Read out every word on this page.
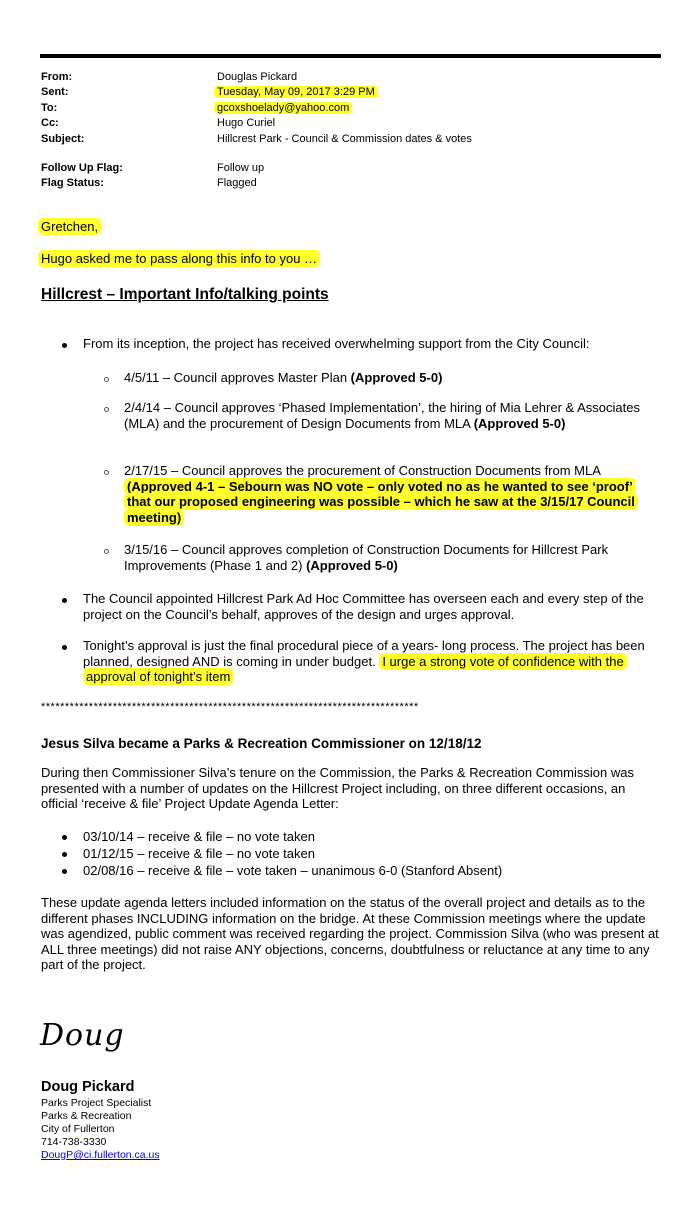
From:	Douglas Pickard
Sent:	Tuesday, May 09, 2017 3:29 PM
To:	gcoxshoelady@yahoo.com
Cc:	Hugo Curiel
Subject:	Hillcrest Park - Council & Commission dates & votes
Follow Up Flag:	Follow up
Flag Status:	Flagged
Gretchen,
Hugo asked me to pass along this info to you …
Hillcrest – Important Info/talking points
From its inception, the project has received overwhelming support from the City Council:
4/5/11 – Council approves Master Plan (Approved 5-0)
2/4/14 – Council approves ‘Phased Implementation’, the hiring of Mia Lehrer & Associates (MLA) and the procurement of Design Documents from MLA (Approved 5-0)
2/17/15 – Council approves the procurement of Construction Documents from MLA
(Approved 4-1 – Sebourn was NO vote – only voted no as he wanted to see ‘proof’ that our proposed engineering was possible – which he saw at the 3/15/17 Council meeting)
3/15/16 – Council approves completion of Construction Documents for Hillcrest Park Improvements (Phase 1 and 2) (Approved 5-0)
The Council appointed Hillcrest Park Ad Hoc Committee has overseen each and every step of the project on the Council’s behalf, approves of the design and urges approval.
Tonight’s approval is just the final procedural piece of a years- long process. The project has been planned, designed AND is coming in under budget. I urge a strong vote of confidence with the approval of tonight’s item
*******************************************************************************
Jesus Silva became a Parks & Recreation Commissioner on 12/18/12
During then Commissioner Silva’s tenure on the Commission, the Parks & Recreation Commission was presented with a number of updates on the Hillcrest Project including, on three different occasions, an official ‘receive & file’ Project Update Agenda Letter:
03/10/14 – receive & file – no vote taken
01/12/15 – receive & file – no vote taken
02/08/16 – receive & file – vote taken – unanimous 6-0 (Stanford Absent)
These update agenda letters included information on the status of the overall project and details as to the different phases INCLUDING information on the bridge. At these Commission meetings where the update was agendized, public comment was received regarding the project. Commission Silva (who was present at ALL three meetings) did not raise ANY objections, concerns, doubtfulness or reluctance at any time to any part of the project.
Doug
Doug Pickard
Parks Project Specialist
Parks & Recreation
City of Fullerton
714-738-3330
DougP@ci.fullerton.ca.us
